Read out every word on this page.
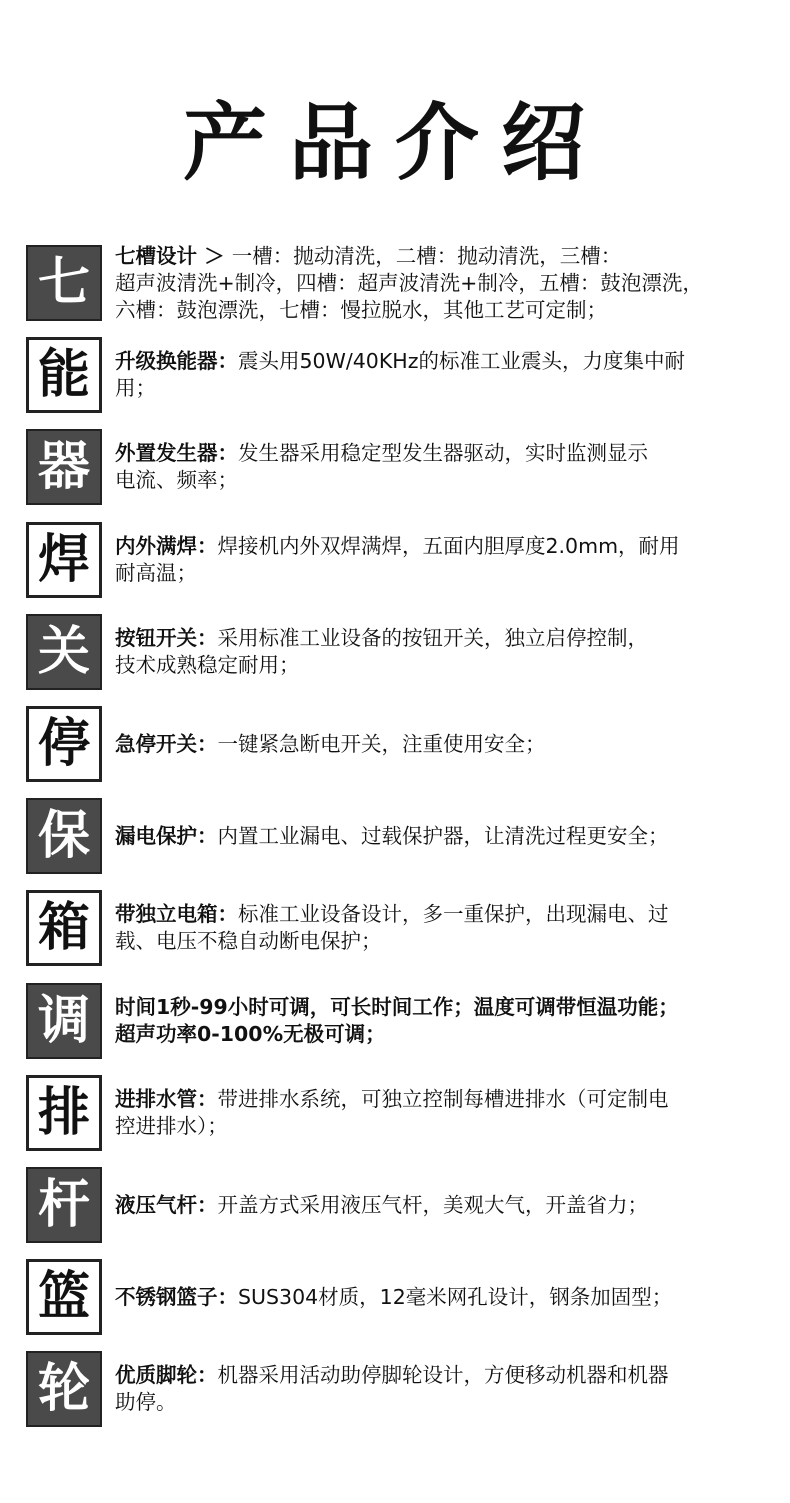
产品介绍
七	七槽设计 ＞ 一槽：抛动清洗，二槽：抛动清洗，三槽：

超声波清洗+制冷，四槽：超声波清洗+制冷，五槽：鼓泡漂洗，

六槽：鼓泡漂洗，七槽：慢拉脱水，其他工艺可定制；

能	升级换能器：震头用50W/40KHz的标准工业震头，力度集中耐

用；

器	外置发生器：发生器采用稳定型发生器驱动，实时监测显示

电流、频率；

焊	内外满焊：焊接机内外双焊满焊，五面内胆厚度2.0mm，耐用

耐高温；

关	按钮开关：采用标准工业设备的按钮开关，独立启停控制，

技术成熟稳定耐用；

停	急停开关：一键紧急断电开关，注重使用安全；

保	漏电保护：内置工业漏电、过载保护器，让清洗过程更安全；

箱	带独立电箱：标准工业设备设计，多一重保护，出现漏电、过

载、电压不稳自动断电保护；

调	时间1秒-99小时可调，可长时间工作；温度可调带恒温功能；

超声功率0-100%无极可调；

排	进排水管：带进排水系统，可独立控制每槽进排水（可定制电

控进排水）；

杆	液压气杆：开盖方式采用液压气杆，美观大气，开盖省力；

篮	不锈钢篮子：SUS304材质，12毫米网孔设计，钢条加固型；

轮	优质脚轮：机器采用活动助停脚轮设计，方便移动机器和机器

助停。
